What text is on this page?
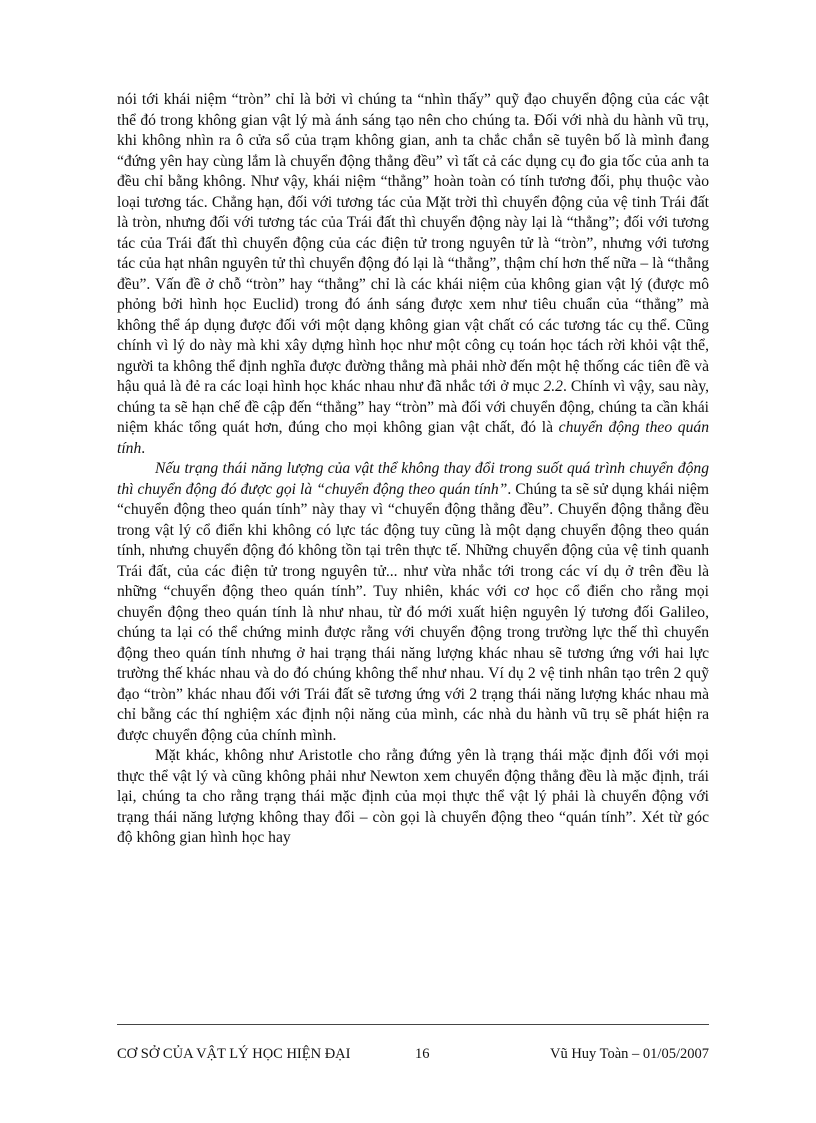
nói tới khái niệm “tròn” chỉ là bởi vì chúng ta “nhìn thấy” quỹ đạo chuyển động của các vật thể đó trong không gian vật lý mà ánh sáng tạo nên cho chúng ta. Đối với nhà du hành vũ trụ, khi không nhìn ra ô cửa sổ của trạm không gian, anh ta chắc chắn sẽ tuyên bố là mình đang “đứng yên hay cùng lắm là chuyển động thẳng đều” vì tất cả các dụng cụ đo gia tốc của anh ta đều chỉ bằng không. Như vậy, khái niệm “thẳng” hoàn toàn có tính tương đối, phụ thuộc vào loại tương tác. Chẳng hạn, đối với tương tác của Mặt trời thì chuyển động của vệ tinh Trái đất là tròn, nhưng đối với tương tác của Trái đất thì chuyển động này lại là “thẳng”; đối với tương tác của Trái đất thì chuyển động của các điện tử trong nguyên tử là “tròn”, nhưng với tương tác của hạt nhân nguyên tử thì chuyển động đó lại là “thẳng”, thậm chí hơn thế nữa – là “thẳng đều”. Vấn đề ở chỗ “tròn” hay “thẳng” chỉ là các khái niệm của không gian vật lý (được mô phỏng bởi hình học Euclid) trong đó ánh sáng được xem như tiêu chuẩn của “thẳng” mà không thể áp dụng được đối với một dạng không gian vật chất có các tương tác cụ thể. Cũng chính vì lý do này mà khi xây dựng hình học như một công cụ toán học tách rời khỏi vật thể, người ta không thể định nghĩa được đường thẳng mà phải nhờ đến một hệ thống các tiên đề và hậu quả là đẻ ra các loại hình học khác nhau như đã nhắc tới ở mục 2.2. Chính vì vậy, sau này, chúng ta sẽ hạn chế đề cập đến “thẳng” hay “tròn” mà đối với chuyển động, chúng ta cần khái niệm khác tổng quát hơn, đúng cho mọi không gian vật chất, đó là chuyển động theo quán tính.

Nếu trạng thái năng lượng của vật thể không thay đổi trong suốt quá trình chuyển động thì chuyển động đó được gọi là “chuyển động theo quán tính”. Chúng ta sẽ sử dụng khái niệm “chuyển động theo quán tính” này thay vì “chuyển động thẳng đều”. Chuyển động thẳng đều trong vật lý cổ điển khi không có lực tác động tuy cũng là một dạng chuyển động theo quán tính, nhưng chuyển động đó không tồn tại trên thực tế. Những chuyển động của vệ tinh quanh Trái đất, của các điện tử trong nguyên tử... như vừa nhắc tới trong các ví dụ ở trên đều là những “chuyển động theo quán tính”. Tuy nhiên, khác với cơ học cổ điển cho rằng mọi chuyển động theo quán tính là như nhau, từ đó mới xuất hiện nguyên lý tương đối Galileo, chúng ta lại có thể chứng minh được rằng với chuyển động trong trường lực thế thì chuyển động theo quán tính nhưng ở hai trạng thái năng lượng khác nhau sẽ tương ứng với hai lực trường thế khác nhau và do đó chúng không thể như nhau. Ví dụ 2 vệ tinh nhân tạo trên 2 quỹ đạo “tròn” khác nhau đối với Trái đất sẽ tương ứng với 2 trạng thái năng lượng khác nhau mà chỉ bằng các thí nghiệm xác định nội năng của mình, các nhà du hành vũ trụ sẽ phát hiện ra được chuyển động của chính mình.

Mặt khác, không như Aristotle cho rằng đứng yên là trạng thái mặc định đối với mọi thực thể vật lý và cũng không phải như Newton xem chuyển động thẳng đều là mặc định, trái lại, chúng ta cho rằng trạng thái mặc định của mọi thực thể vật lý phải là chuyển động với trạng thái năng lượng không thay đổi – còn gọi là chuyển động theo “quán tính”. Xét từ góc độ không gian hình học hay

CƠ SỞ CỦA VẬT LÝ HỌC HIỆN ĐẠI	16	Vũ Huy Toàn – 01/05/2007
